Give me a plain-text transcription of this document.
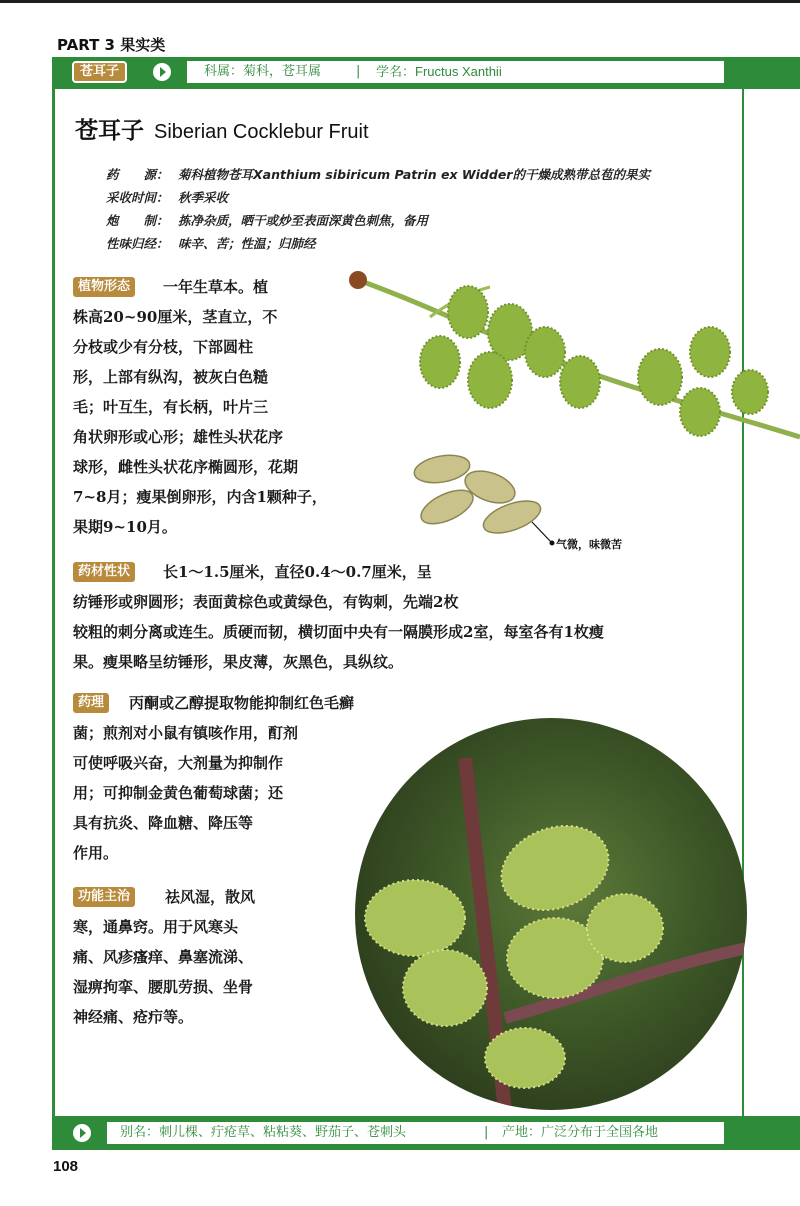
PART 3 果实类
苍耳子	科属：菊科，苍耳属	| 学名：Fructus Xanthii
苍耳子 Siberian Cocklebur Fruit
药　　源： 菊科植物苍耳Xanthium sibiricum Patrin ex Widder的干燥成熟带总苞的果实
采收时间： 秋季采收
炮　　制： 拣净杂质，晒干或炒至表面深黄色刺焦，备用
性味归经： 味辛、苦；性温；归肺经
植物形态	一年生草本。植
株高20~90厘米，茎直立，不
分枝或少有分枝，下部圆柱
形，上部有纵沟，被灰白色糙
毛；叶互生，有长柄，叶片三
角状卵形或心形；雄性头状花序
球形，雌性头状花序椭圆形，花期
7~8月；瘦果倒卵形，内含1颗种子，
果期9~10月。
气微，味微苦
药材性状	长1～1.5厘米，直径0.4～0.7厘米，呈
纺锤形或卵圆形；表面黄棕色或黄绿色，有钩刺，先端2枚
较粗的刺分离或连生。质硬而韧，横切面中央有一隔膜形成2室，每室各有1枚瘦
果。瘦果略呈纺锤形，果皮薄，灰黑色，具纵纹。
药理	丙酮或乙醇提取物能抑制红色毛癣
菌；煎剂对小鼠有镇咳作用，酊剂
可使呼吸兴奋，大剂量为抑制作
用；可抑制金黄色葡萄球菌；还
具有抗炎、降血糖、降压等
作用。
功能主治	祛风湿，散风
寒，通鼻窍。用于风寒头
痛、风疹瘙痒、鼻塞流涕、
湿痹拘挛、腰肌劳损、坐骨
神经痛、疮疖等。
别名：刺儿棵、疔疮草、粘粘葵、野茄子、苍刺头	| 产地：广泛分布于全国各地
108
